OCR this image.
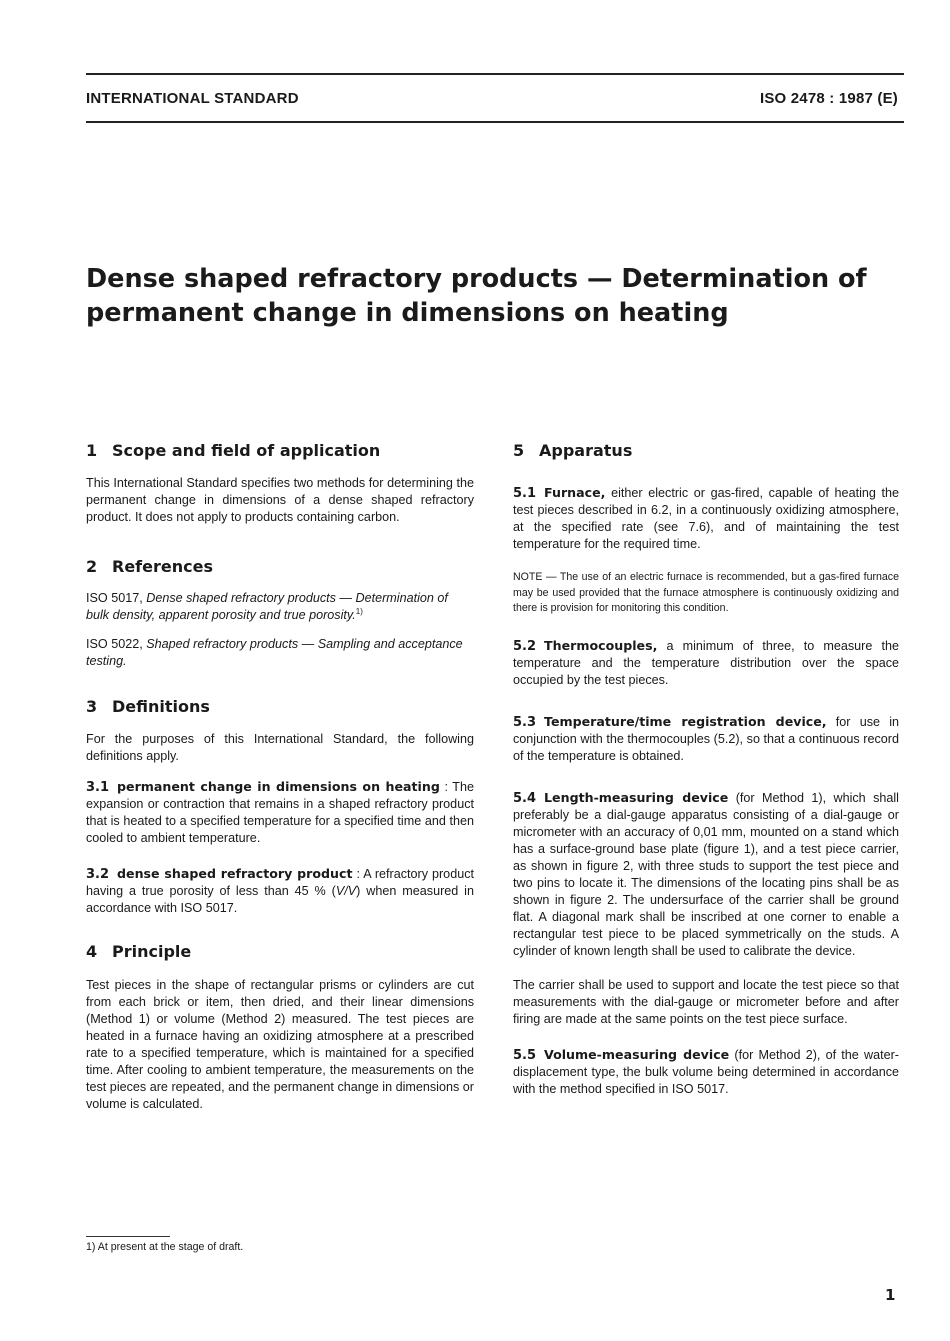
INTERNATIONAL STANDARD	ISO 2478 : 1987 (E)
Dense shaped refractory products — Determination of permanent change in dimensions on heating
1 Scope and field of application

This International Standard specifies two methods for determining the permanent change in dimensions of a dense shaped refractory product. It does not apply to products containing carbon.

2 References

ISO 5017, Dense shaped refractory products — Determination of bulk density, apparent porosity and true porosity.$^{1)}$

ISO 5022, Shaped refractory products — Sampling and acceptance testing.

3 Definitions

For the purposes of this International Standard, the following definitions apply.

3.1 permanent change in dimensions on heating : The expansion or contraction that remains in a shaped refractory product that is heated to a specified temperature for a specified time and then cooled to ambient temperature.

3.2 dense shaped refractory product : A refractory product having a true porosity of less than 45 % (V/V) when measured in accordance with ISO 5017.

4 Principle

Test pieces in the shape of rectangular prisms or cylinders are cut from each brick or item, then dried, and their linear dimensions (Method 1) or volume (Method 2) measured. The test pieces are heated in a furnace having an oxidizing atmosphere at a prescribed rate to a specified temperature, which is maintained for a specified time. After cooling to ambient temperature, the measurements on the test pieces are repeated, and the permanent change in dimensions or volume is calculated.

5 Apparatus

5.1 Furnace, either electric or gas-fired, capable of heating the test pieces described in 6.2, in a continuously oxidizing atmosphere, at the specified rate (see 7.6), and of maintaining the test temperature for the required time.

NOTE — The use of an electric furnace is recommended, but a gas-fired furnace may be used provided that the furnace atmosphere is continuously oxidizing and there is provision for monitoring this condition.

5.2 Thermocouples, a minimum of three, to measure the temperature and the temperature distribution over the space occupied by the test pieces.

5.3 Temperature/time registration device, for use in conjunction with the thermocouples (5.2), so that a continuous record of the temperature is obtained.

5.4 Length-measuring device (for Method 1), which shall preferably be a dial-gauge apparatus consisting of a dial-gauge or micrometer with an accuracy of 0,01 mm, mounted on a stand which has a surface-ground base plate (figure 1), and a test piece carrier, as shown in figure 2, with three studs to support the test piece and two pins to locate it. The dimensions of the locating pins shall be as shown in figure 2. The undersurface of the carrier shall be ground flat. A diagonal mark shall be inscribed at one corner to enable a rectangular test piece to be placed symmetrically on the studs. A cylinder of known length shall be used to calibrate the device.

The carrier shall be used to support and locate the test piece so that measurements with the dial-gauge or micrometer before and after firing are made at the same points on the test piece surface.

5.5 Volume-measuring device (for Method 2), of the water-displacement type, the bulk volume being determined in accordance with the method specified in ISO 5017.

1) At present at the stage of draft.
1
